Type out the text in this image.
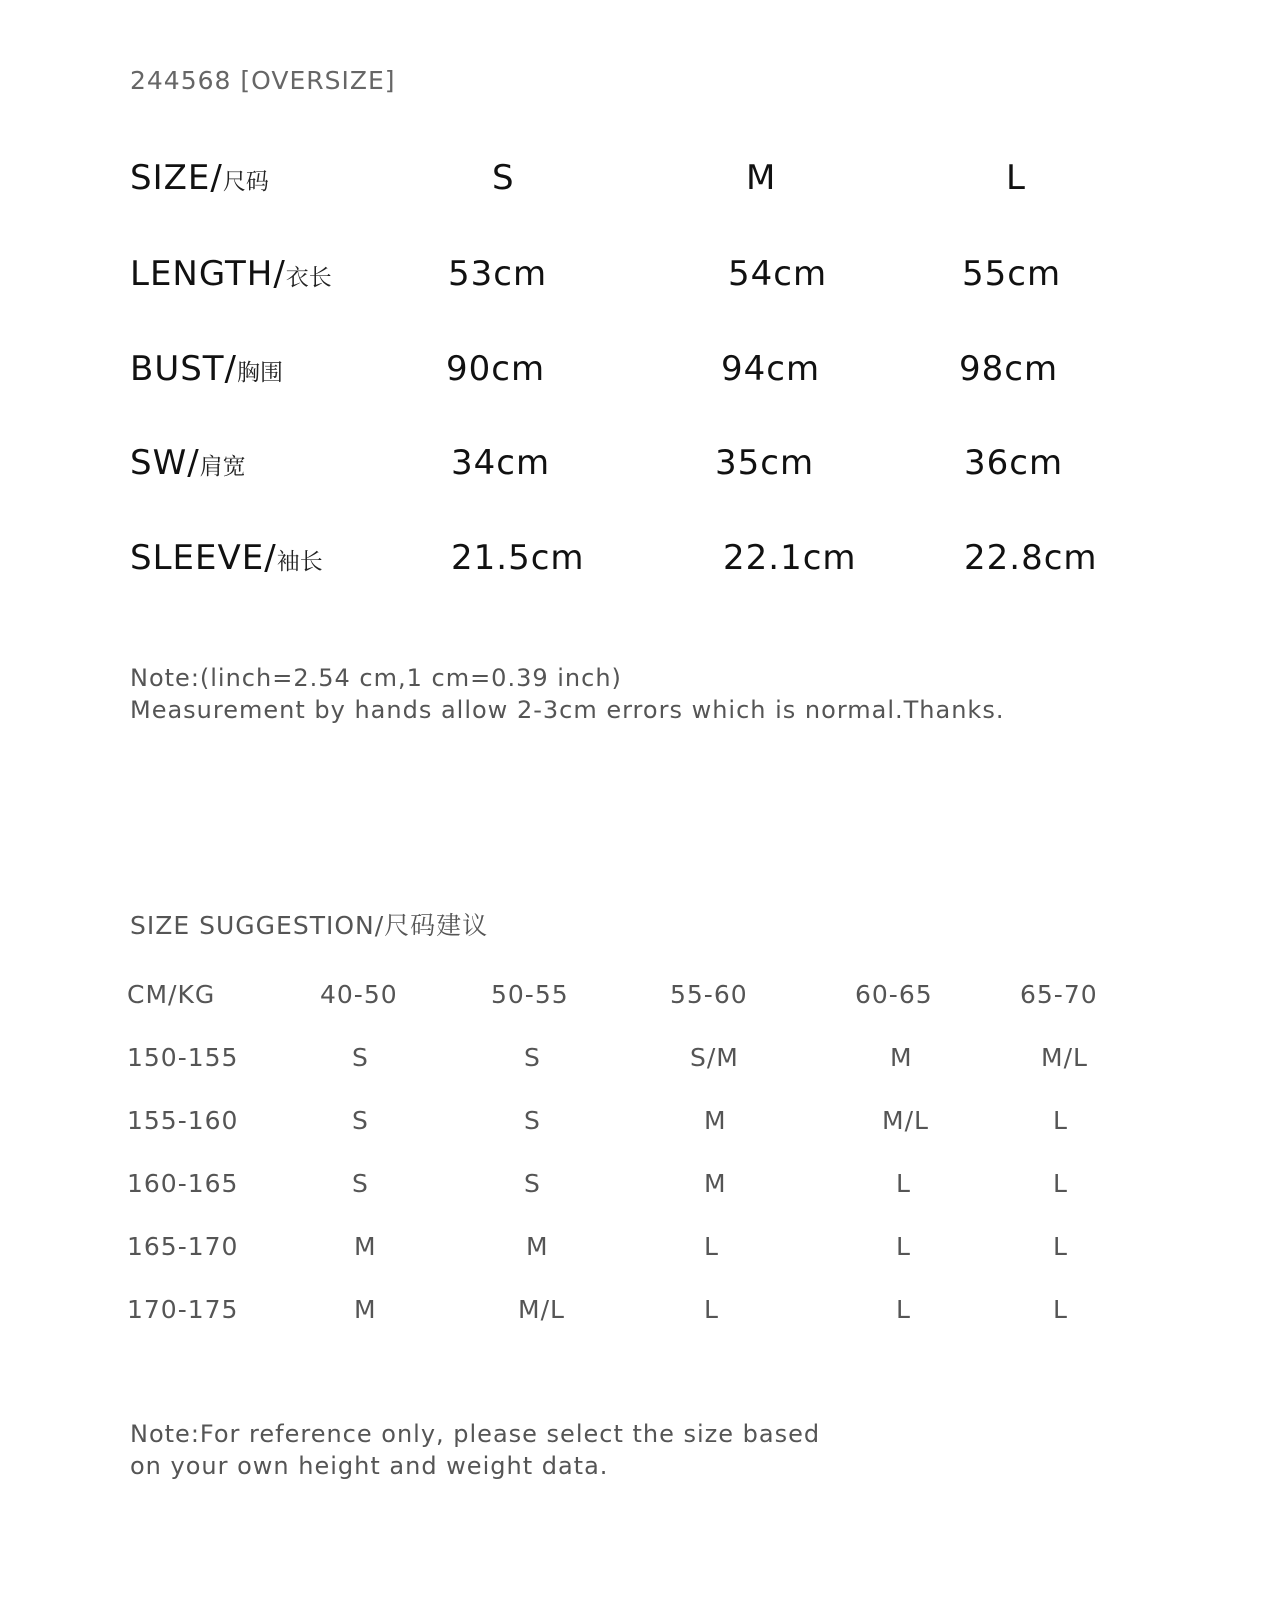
244568 [OVERSIZE]
SIZE/尺码	S	M	L
LENGTH/衣长	53cm	54cm	55cm
BUST/胸围	90cm	94cm	98cm
SW/肩宽	34cm	35cm	36cm
SLEEVE/袖长	21.5cm	22.1cm	22.8cm
Note:(linch=2.54 cm,1 cm=0.39 inch)
Measurement by hands allow 2-3cm errors which is normal.Thanks.
SIZE SUGGESTION/尺码建议
CM/KG	40-50	50-55	55-60	60-65	65-70
150-155	S	S	S/M	M	M/L
155-160	S	S	M	M/L	L
160-165	S	S	M	L	L
165-170	M	M	L	L	L
170-175	M	M/L	L	L	L
Note:For reference only, please select the size based
on your own height and weight data.
